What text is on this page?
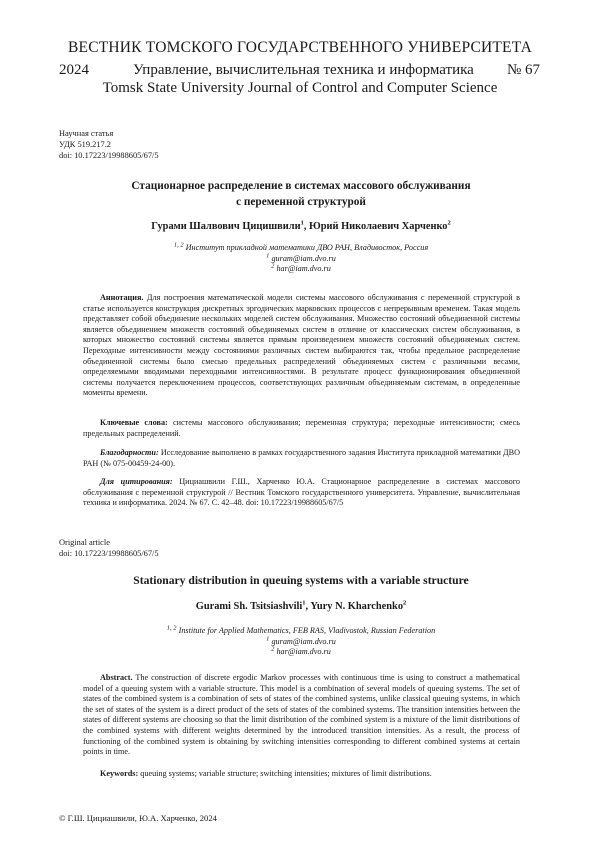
ВЕСТНИК ТОМСКОГО ГОСУДАРСТВЕННОГО УНИВЕРСИТЕТА
2024	Управление, вычислительная техника и информатика № 67
Tomsk State University Journal of Control and Computer Science
Научная статья
УДК 519.217.2
doi: 10.17223/19988605/67/5
Стационарное распределение в системах массового обслуживания
с переменной структурой
Гурами Шалвович Цицишвили$^1$, Юрий Николаевич Харченко$^2$
$^{1, 2}$ Институт прикладной математики ДВО РАН, Владивосток, Россия
$^1$ guram@iam.dvo.ru
$^2$ har@iam.dvo.ru
Аннотация. Для построения математической модели системы массового обслуживания с переменной структурой в статье используется конструкция дискретных эргодических марковских процессов с непрерывным временем. Такая модель представляет собой объединение нескольких моделей систем обслуживания. Множество состояний объединенной системы является объединением множеств состояний объединяемых систем в отличие от классических систем обслуживания, в которых множество состояний системы является прямым произведением множеств состояний объединяемых систем. Переходные интенсивности между состояниями различных систем выбираются так, чтобы предельное распределение объединенной системы было смесью предельных распределений объединяемых систем с различными весами, определяемыми вводимыми переходными интенсивностями. В результате процесс функционирования объединенной системы получается переключением процессов, соответствующих различным объединяемым системам, в определенные моменты времени.
Ключевые слова: системы массового обслуживания; переменная структура; переходные интенсивности; смесь предельных распределений.
Благодарности: Исследование выполнено в рамках государственного задания Института прикладной математики ДВО РАН (№ 075-00459-24-00).
Для цитирования: Цициашвили Г.Ш., Харченко Ю.А. Стационарное распределение в системах массового обслуживания с переменной структурой // Вестник Томского государственного университета. Управление, вычислительная техника и информатика. 2024. № 67. С. 42–48. doi: 10.17223/19988605/67/5
Original article
doi: 10.17223/19988605/67/5
Stationary distribution in queuing systems with a variable structure
Gurami Sh. Tsitsiashvili$^1$, Yury N. Kharchenko$^2$
$^{1, 2}$ Institute for Applied Mathematics, FEB RAS, Vladivostok, Russian Federation
$^1$ guram@iam.dvo.ru
$^2$ har@iam.dvo.ru
Abstract. The construction of discrete ergodic Markov processes with continuous time is using to construct a mathematical model of a queuing system with a variable structure. This model is a combination of several models of queuing systems. The set of states of the combined system is a combination of sets of states of the combined systems, unlike classical queuing systems, in which the set of states of the system is a direct product of the sets of states of the combined systems. The transition intensities between the states of different systems are choosing so that the limit distribution of the combined system is a mixture of the limit distributions of the combined systems with different weights determined by the introduced transition intensities. As a result, the process of functioning of the combined system is obtaining by switching intensities corresponding to different combined systems at certain points in time.
Keywords: queuing systems; variable structure; switching intensities; mixtures of limit distributions.
© Г.Ш. Цициашвили, Ю.А. Харченко, 2024
